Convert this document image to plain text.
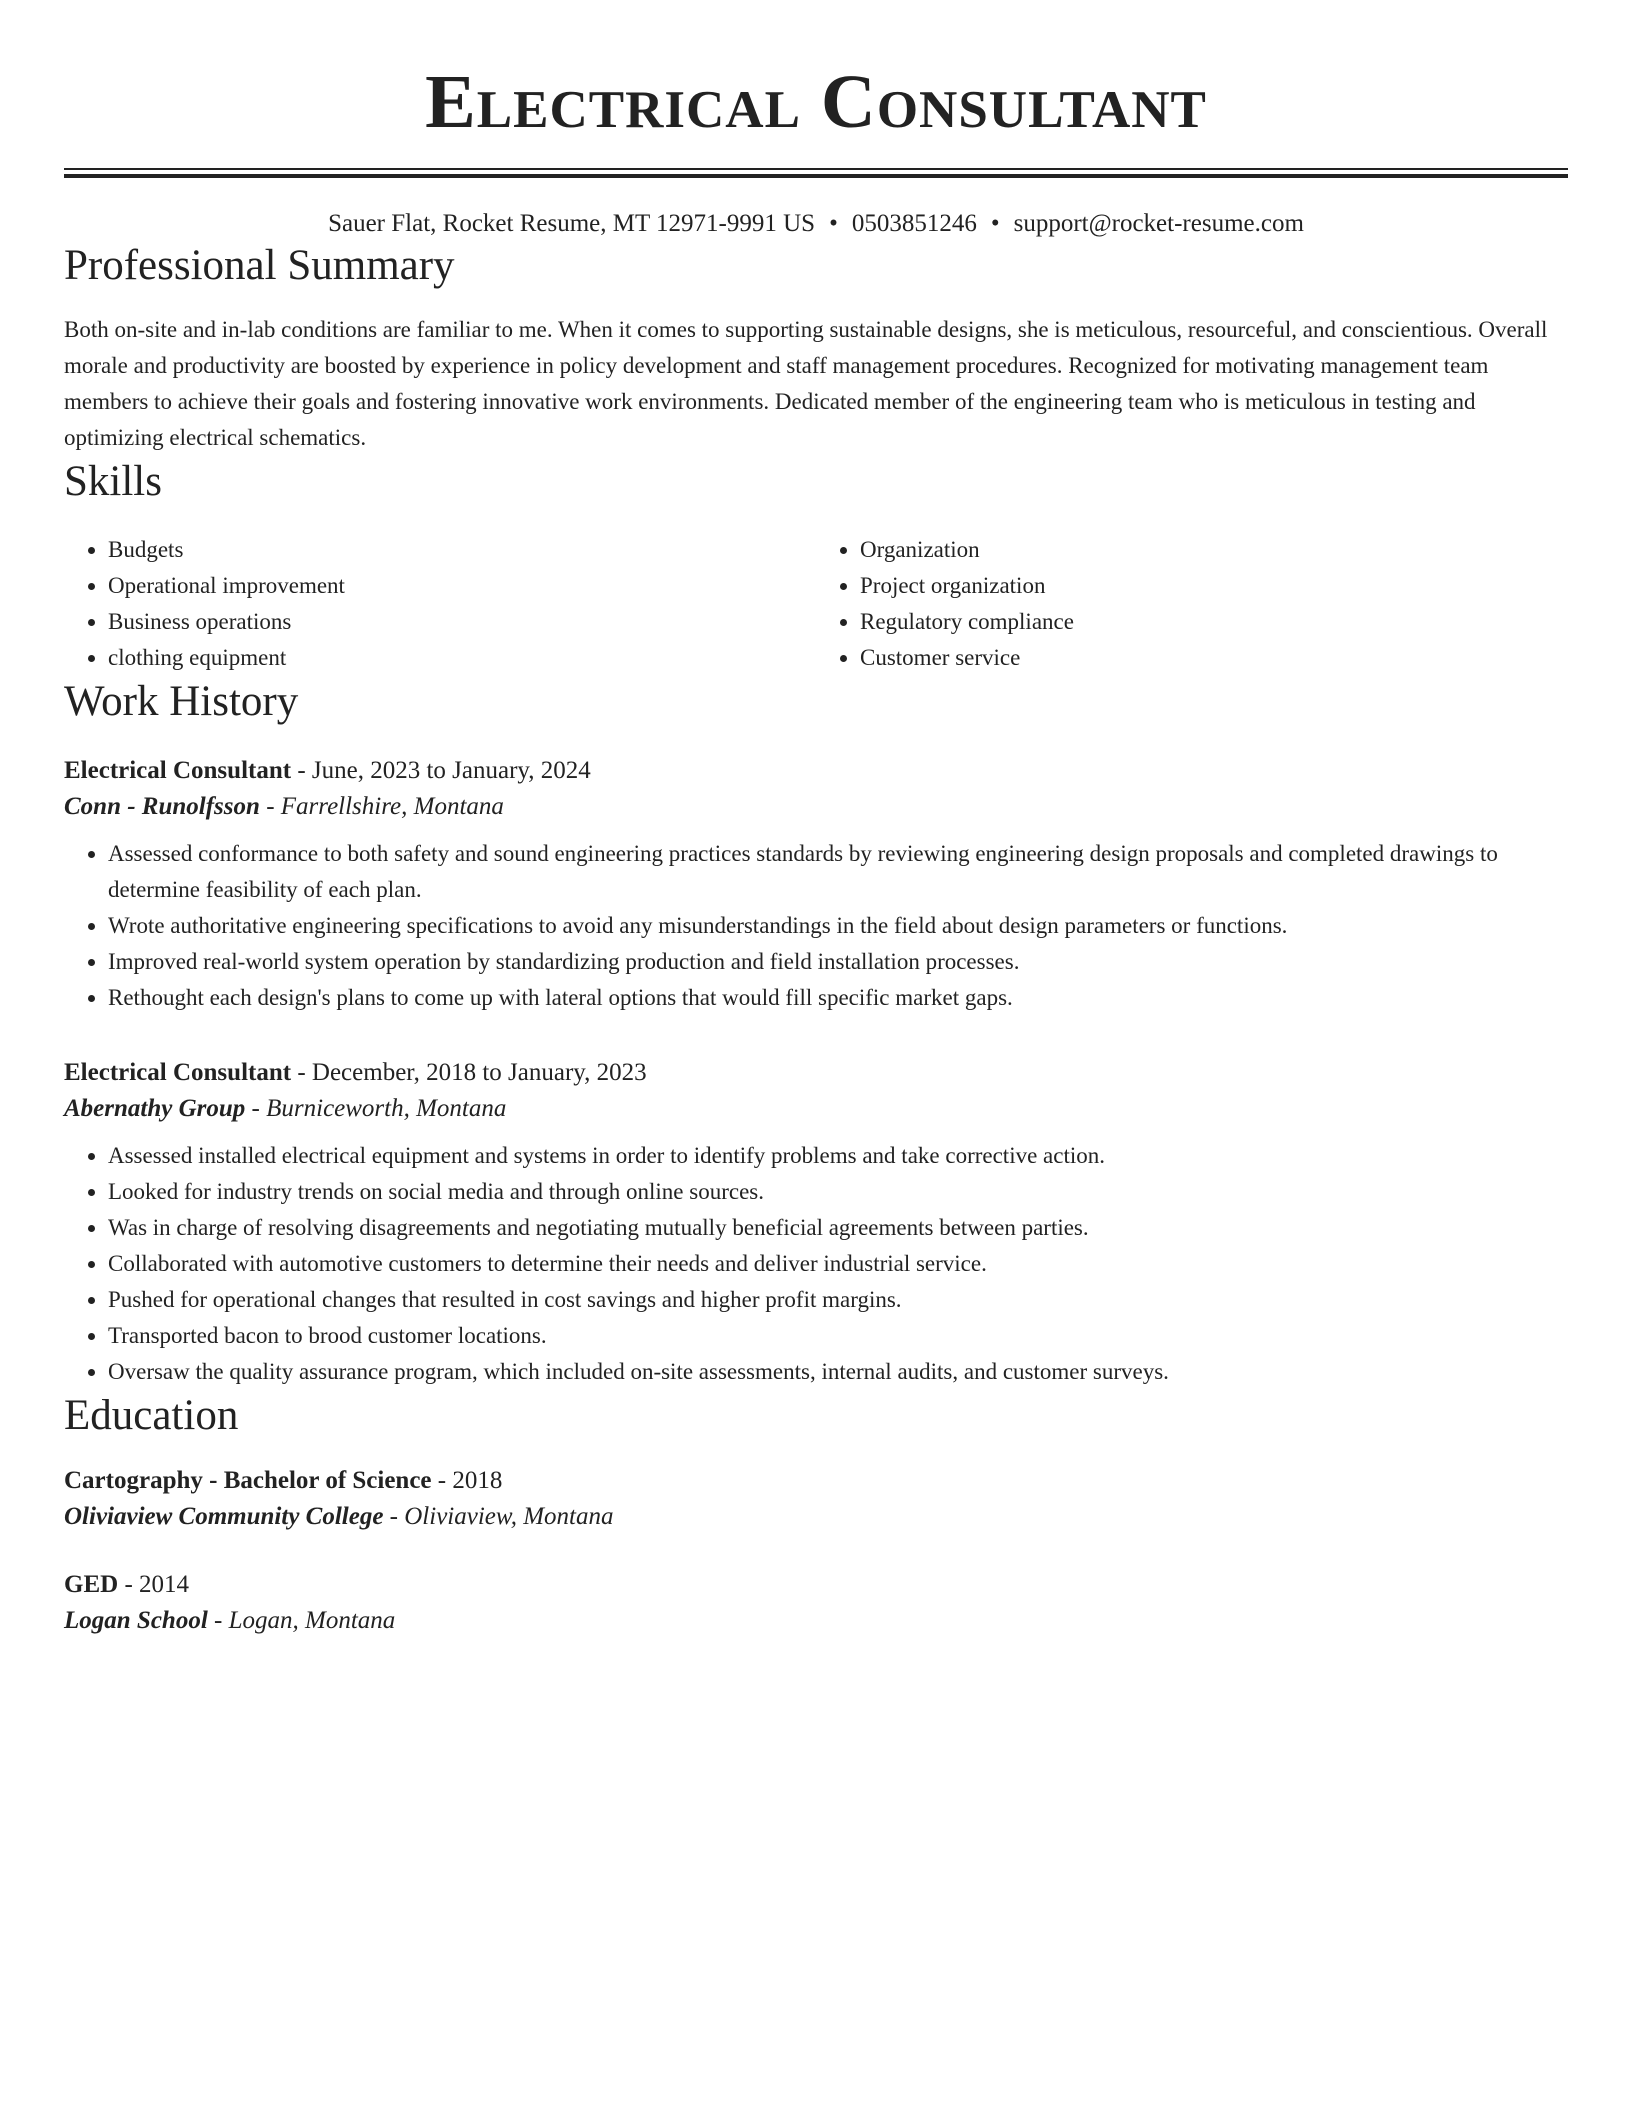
Electrical Consultant
Sauer Flat, Rocket Resume, MT 12971-9991 US • 0503851246 • support@rocket-resume.com
Professional Summary
Both on-site and in-lab conditions are familiar to me. When it comes to supporting sustainable designs, she is meticulous, resourceful, and conscientious. Overall morale and productivity are boosted by experience in policy development and staff management procedures. Recognized for motivating management team members to achieve their goals and fostering innovative work environments. Dedicated member of the engineering team who is meticulous in testing and optimizing electrical schematics.
Skills
• Budgets
• Operational improvement
• Business operations
• clothing equipment
• Organization
• Project organization
• Regulatory compliance
• Customer service
Work History
Electrical Consultant - June, 2023 to January, 2024
Conn - Runolfsson - Farrellshire, Montana
• Assessed conformance to both safety and sound engineering practices standards by reviewing engineering design proposals and completed drawings to determine feasibility of each plan.
• Wrote authoritative engineering specifications to avoid any misunderstandings in the field about design parameters or functions.
• Improved real-world system operation by standardizing production and field installation processes.
• Rethought each design's plans to come up with lateral options that would fill specific market gaps.
Electrical Consultant - December, 2018 to January, 2023
Abernathy Group - Burniceworth, Montana
• Assessed installed electrical equipment and systems in order to identify problems and take corrective action.
• Looked for industry trends on social media and through online sources.
• Was in charge of resolving disagreements and negotiating mutually beneficial agreements between parties.
• Collaborated with automotive customers to determine their needs and deliver industrial service.
• Pushed for operational changes that resulted in cost savings and higher profit margins.
• Transported bacon to brood customer locations.
• Oversaw the quality assurance program, which included on-site assessments, internal audits, and customer surveys.
Education
Cartography - Bachelor of Science - 2018
Oliviaview Community College - Oliviaview, Montana
GED - 2014
Logan School - Logan, Montana
